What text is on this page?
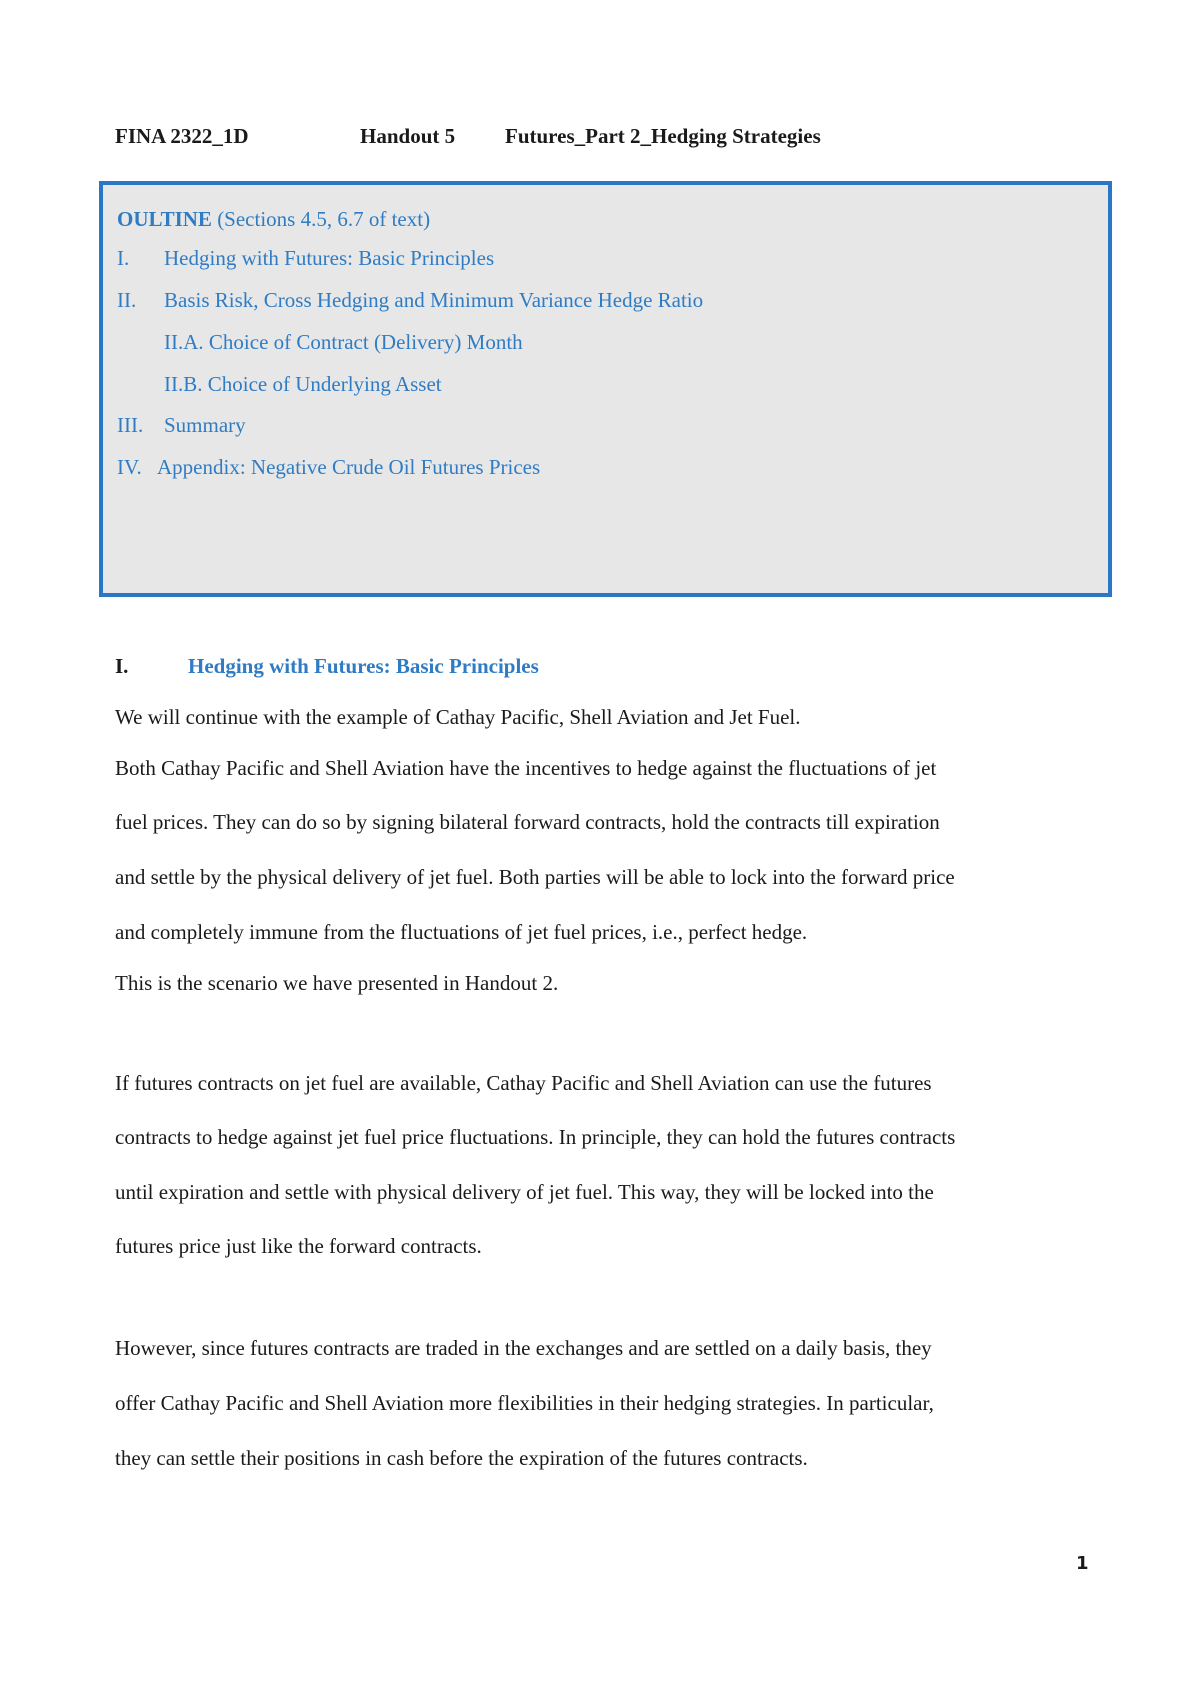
FINA 2322_1D	Handout 5 Futures_Part 2_Hedging Strategies
OULTINE (Sections 4.5, 6.7 of text)
I. Hedging with Futures: Basic Principles
II. Basis Risk, Cross Hedging and Minimum Variance Hedge Ratio
II.A. Choice of Contract (Delivery) Month
II.B. Choice of Underlying Asset
III. Summary
IV. Appendix: Negative Crude Oil Futures Prices
I.	Hedging with Futures: Basic Principles
We will continue with the example of Cathay Pacific, Shell Aviation and Jet Fuel.
Both Cathay Pacific and Shell Aviation have the incentives to hedge against the fluctuations of jet
fuel prices. They can do so by signing bilateral forward contracts, hold the contracts till expiration
and settle by the physical delivery of jet fuel. Both parties will be able to lock into the forward price
and completely immune from the fluctuations of jet fuel prices, i.e., perfect hedge.
This is the scenario we have presented in Handout 2.
If futures contracts on jet fuel are available, Cathay Pacific and Shell Aviation can use the futures
contracts to hedge against jet fuel price fluctuations. In principle, they can hold the futures contracts
until expiration and settle with physical delivery of jet fuel. This way, they will be locked into the
futures price just like the forward contracts.
However, since futures contracts are traded in the exchanges and are settled on a daily basis, they
offer Cathay Pacific and Shell Aviation more flexibilities in their hedging strategies. In particular,
they can settle their positions in cash before the expiration of the futures contracts.
1
